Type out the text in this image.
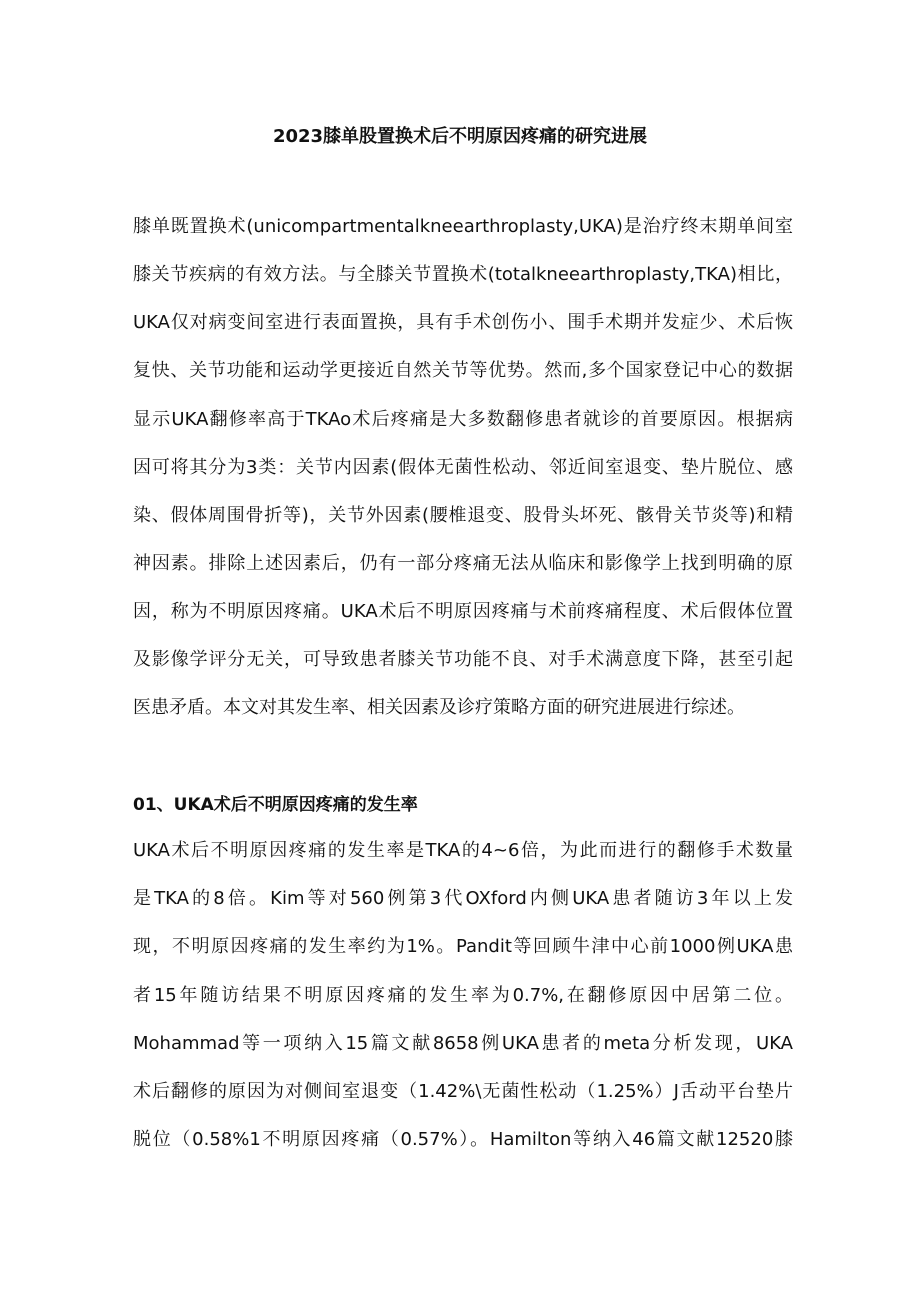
2023膝单股置换术后不明原因疼痛的研究进展

膝单既置换术(unicompartmentalkneearthroplasty,UKA)是治疗终末期单间室

膝关节疾病的有效方法。与全膝关节置换术(totalkneearthroplasty,TKA)相比，

UKA仅对病变间室进行表面置换，具有手术创伤小、围手术期并发症少、术后恢

复快、关节功能和运动学更接近自然关节等优势。然而,多个国家登记中心的数据

显示UKA翻修率高于TKAo术后疼痛是大多数翻修患者就诊的首要原因。根据病

因可将其分为3类：关节内因素(假体无菌性松动、邻近间室退变、垫片脱位、感

染、假体周围骨折等)，关节外因素(腰椎退变、股骨头坏死、骸骨关节炎等)和精

神因素。排除上述因素后，仍有一部分疼痛无法从临床和影像学上找到明确的原

因，称为不明原因疼痛。UKA术后不明原因疼痛与术前疼痛程度、术后假体位置

及影像学评分无关，可导致患者膝关节功能不良、对手术满意度下降，甚至引起

医患矛盾。本文对其发生率、相关因素及诊疗策略方面的研究进展进行综述。

01、UKA术后不明原因疼痛的发生率

UKA术后不明原因疼痛的发生率是TKA的4~6倍，为此而进行的翻修手术数量

是TKA的8倍。Kim等对560例第3代OXford内侧UKA患者随访3年以上发

现，不明原因疼痛的发生率约为1%。Pandit等回顾牛津中心前1000例UKA患

者15年随访结果不明原因疼痛的发生率为0.7%,在翻修原因中居第二位。

Mohammad等一项纳入15篇文献8658例UKA患者的meta分析发现，UKA

术后翻修的原因为对侧间室退变（1.42%\无菌性松动（1.25%）J舌动平台垫片

脱位（0.58%1不明原因疼痛（0.57%）。Hamilton等纳入46篇文献12520膝
